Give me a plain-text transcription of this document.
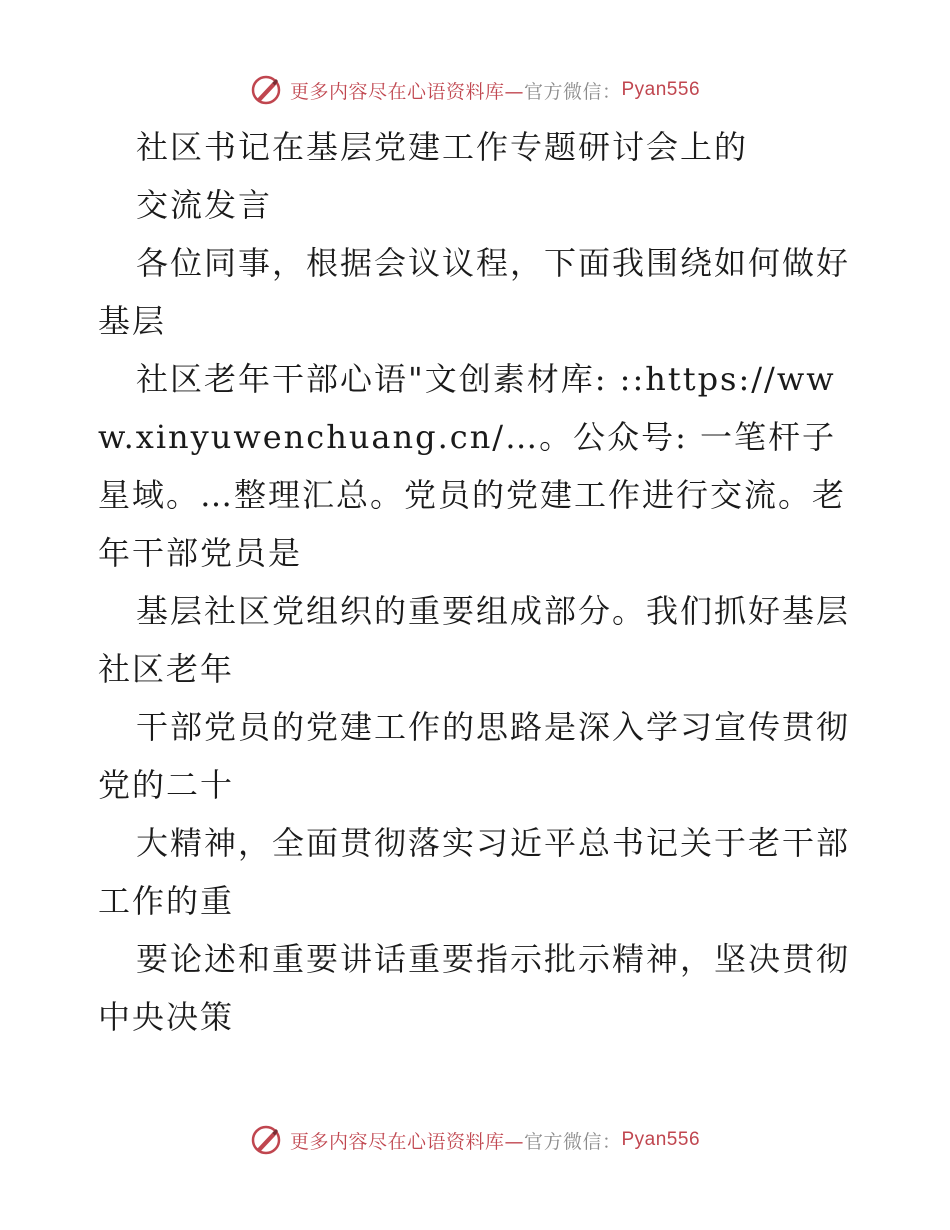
更多内容尽在心语资料库— 官方微信： Pyan556

社区书记在基层党建工作专题研讨会上的

交流发言

各位同事，根据会议议程，下面我围绕如何做好基层

社区老年干部心语"文创素材库: ::https://www.xinyuwenchuang.cn/…。公众号: 一笔杆子星域。…整理汇总。党员的党建工作进行交流。老年干部党员是

基层社区党组织的重要组成部分。我们抓好基层社区老年

干部党员的党建工作的思路是深入学习宣传贯彻党的二十

大精神，全面贯彻落实习近平总书记关于老干部工作的重

要论述和重要讲话重要指示批示精神，坚决贯彻中央决策

更多内容尽在心语资料库— 官方微信： Pyan556
